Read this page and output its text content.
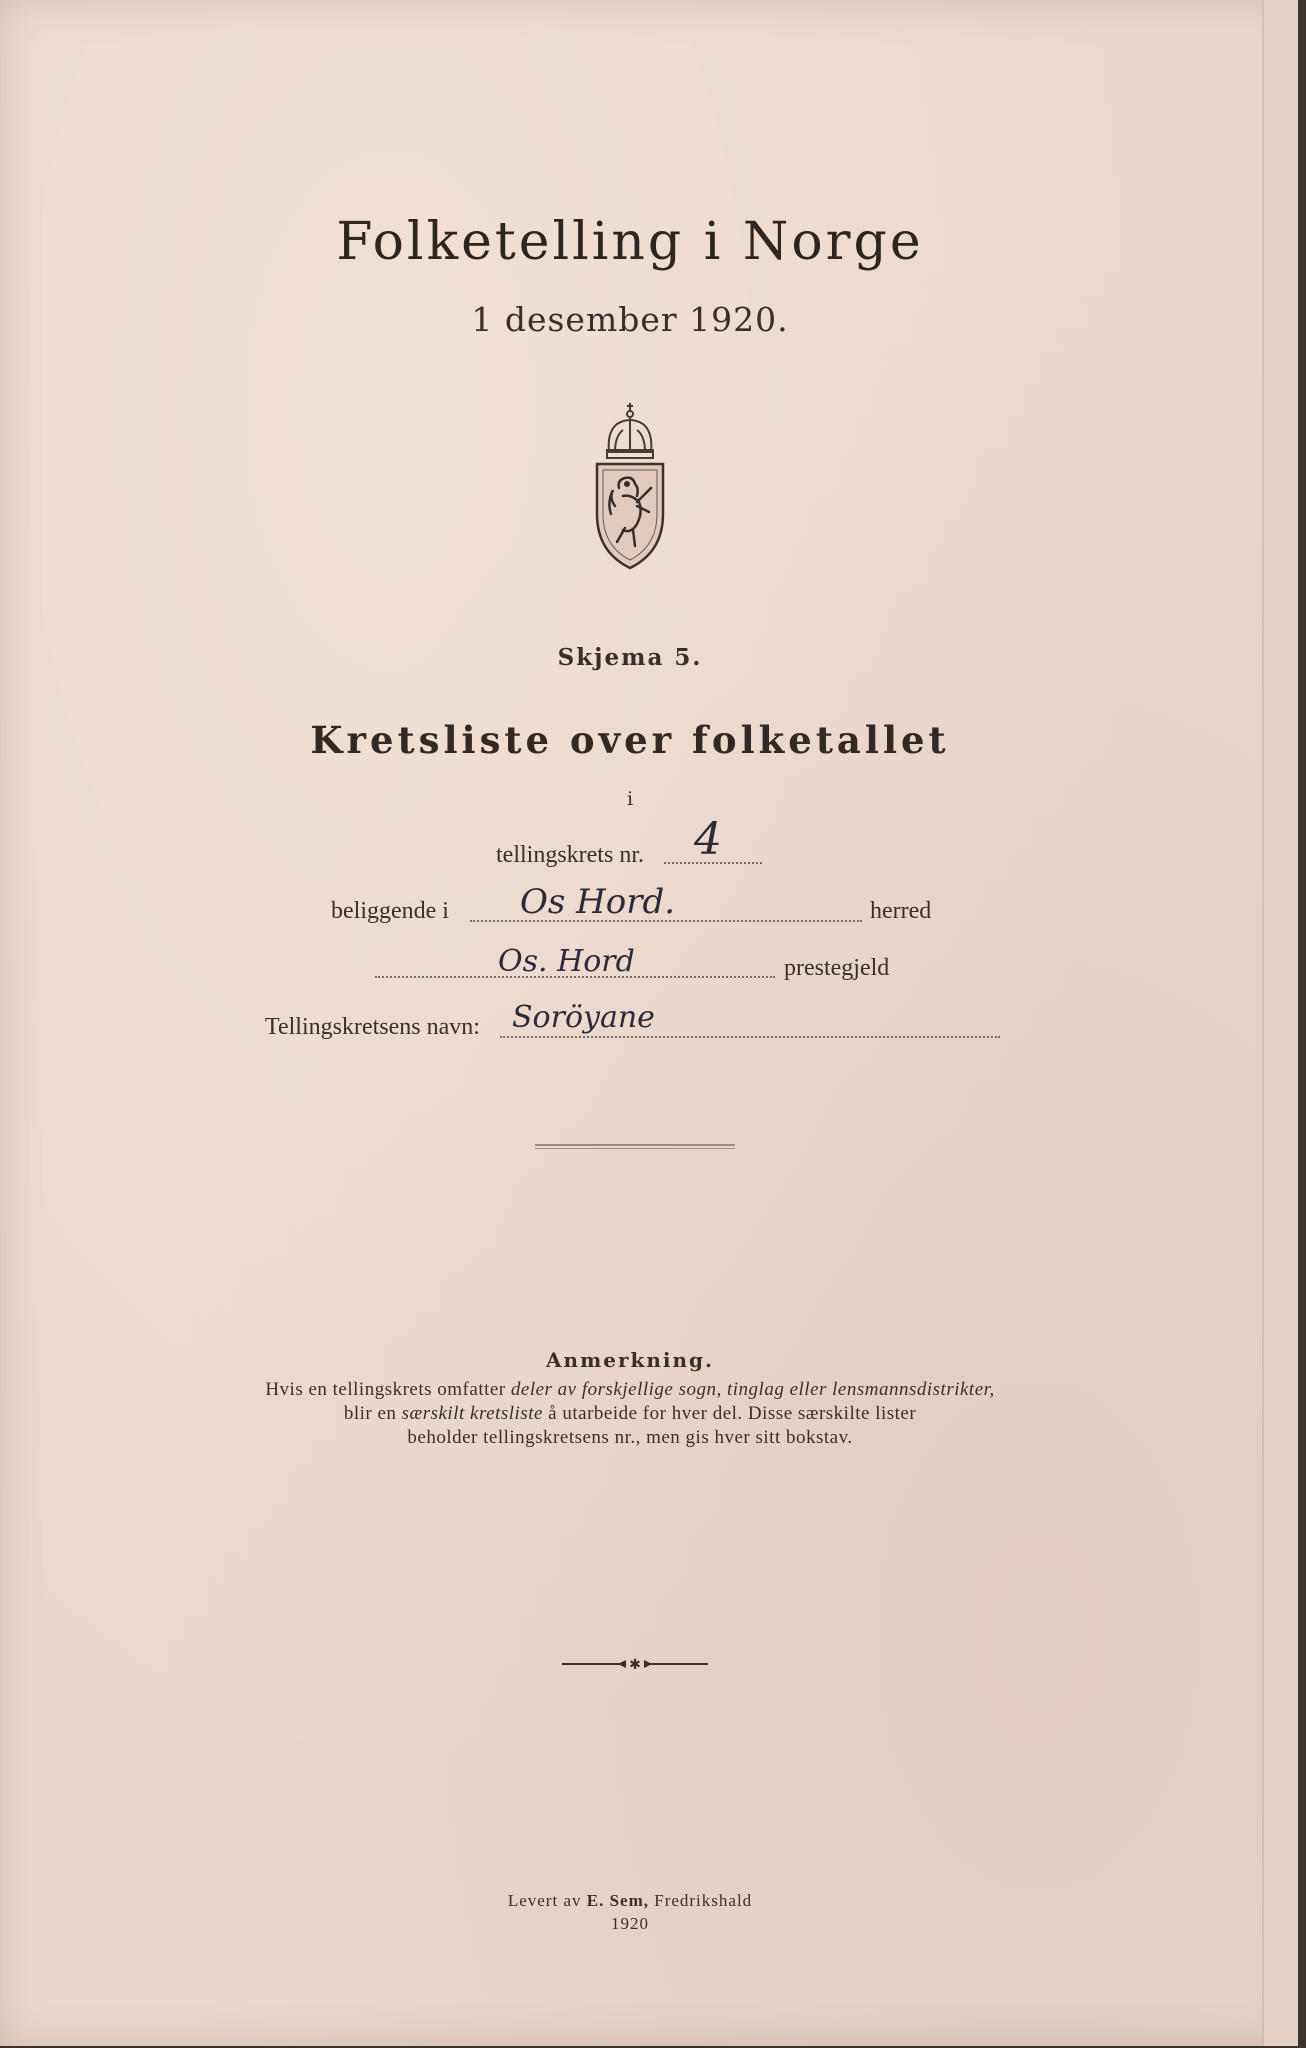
Folketelling i Norge
1 desember 1920.
Skjema 5.
Kretsliste over folketallet
i
tellingskrets nr. 4
beliggende i Os Hord.	herred
Os. Hord	prestegjeld
Tellingskretsens navn: Soröyane
Anmerkning.
Hvis en tellingskrets omfatter deler av forskjellige sogn, tinglag eller lensmannsdistrikter,
blir en særskilt kretsliste å utarbeide for hver del. Disse særskilte lister
beholder tellingskretsens nr., men gis hver sitt bokstav.
✱
Levert av E. Sem, Fredrikshald
1920
